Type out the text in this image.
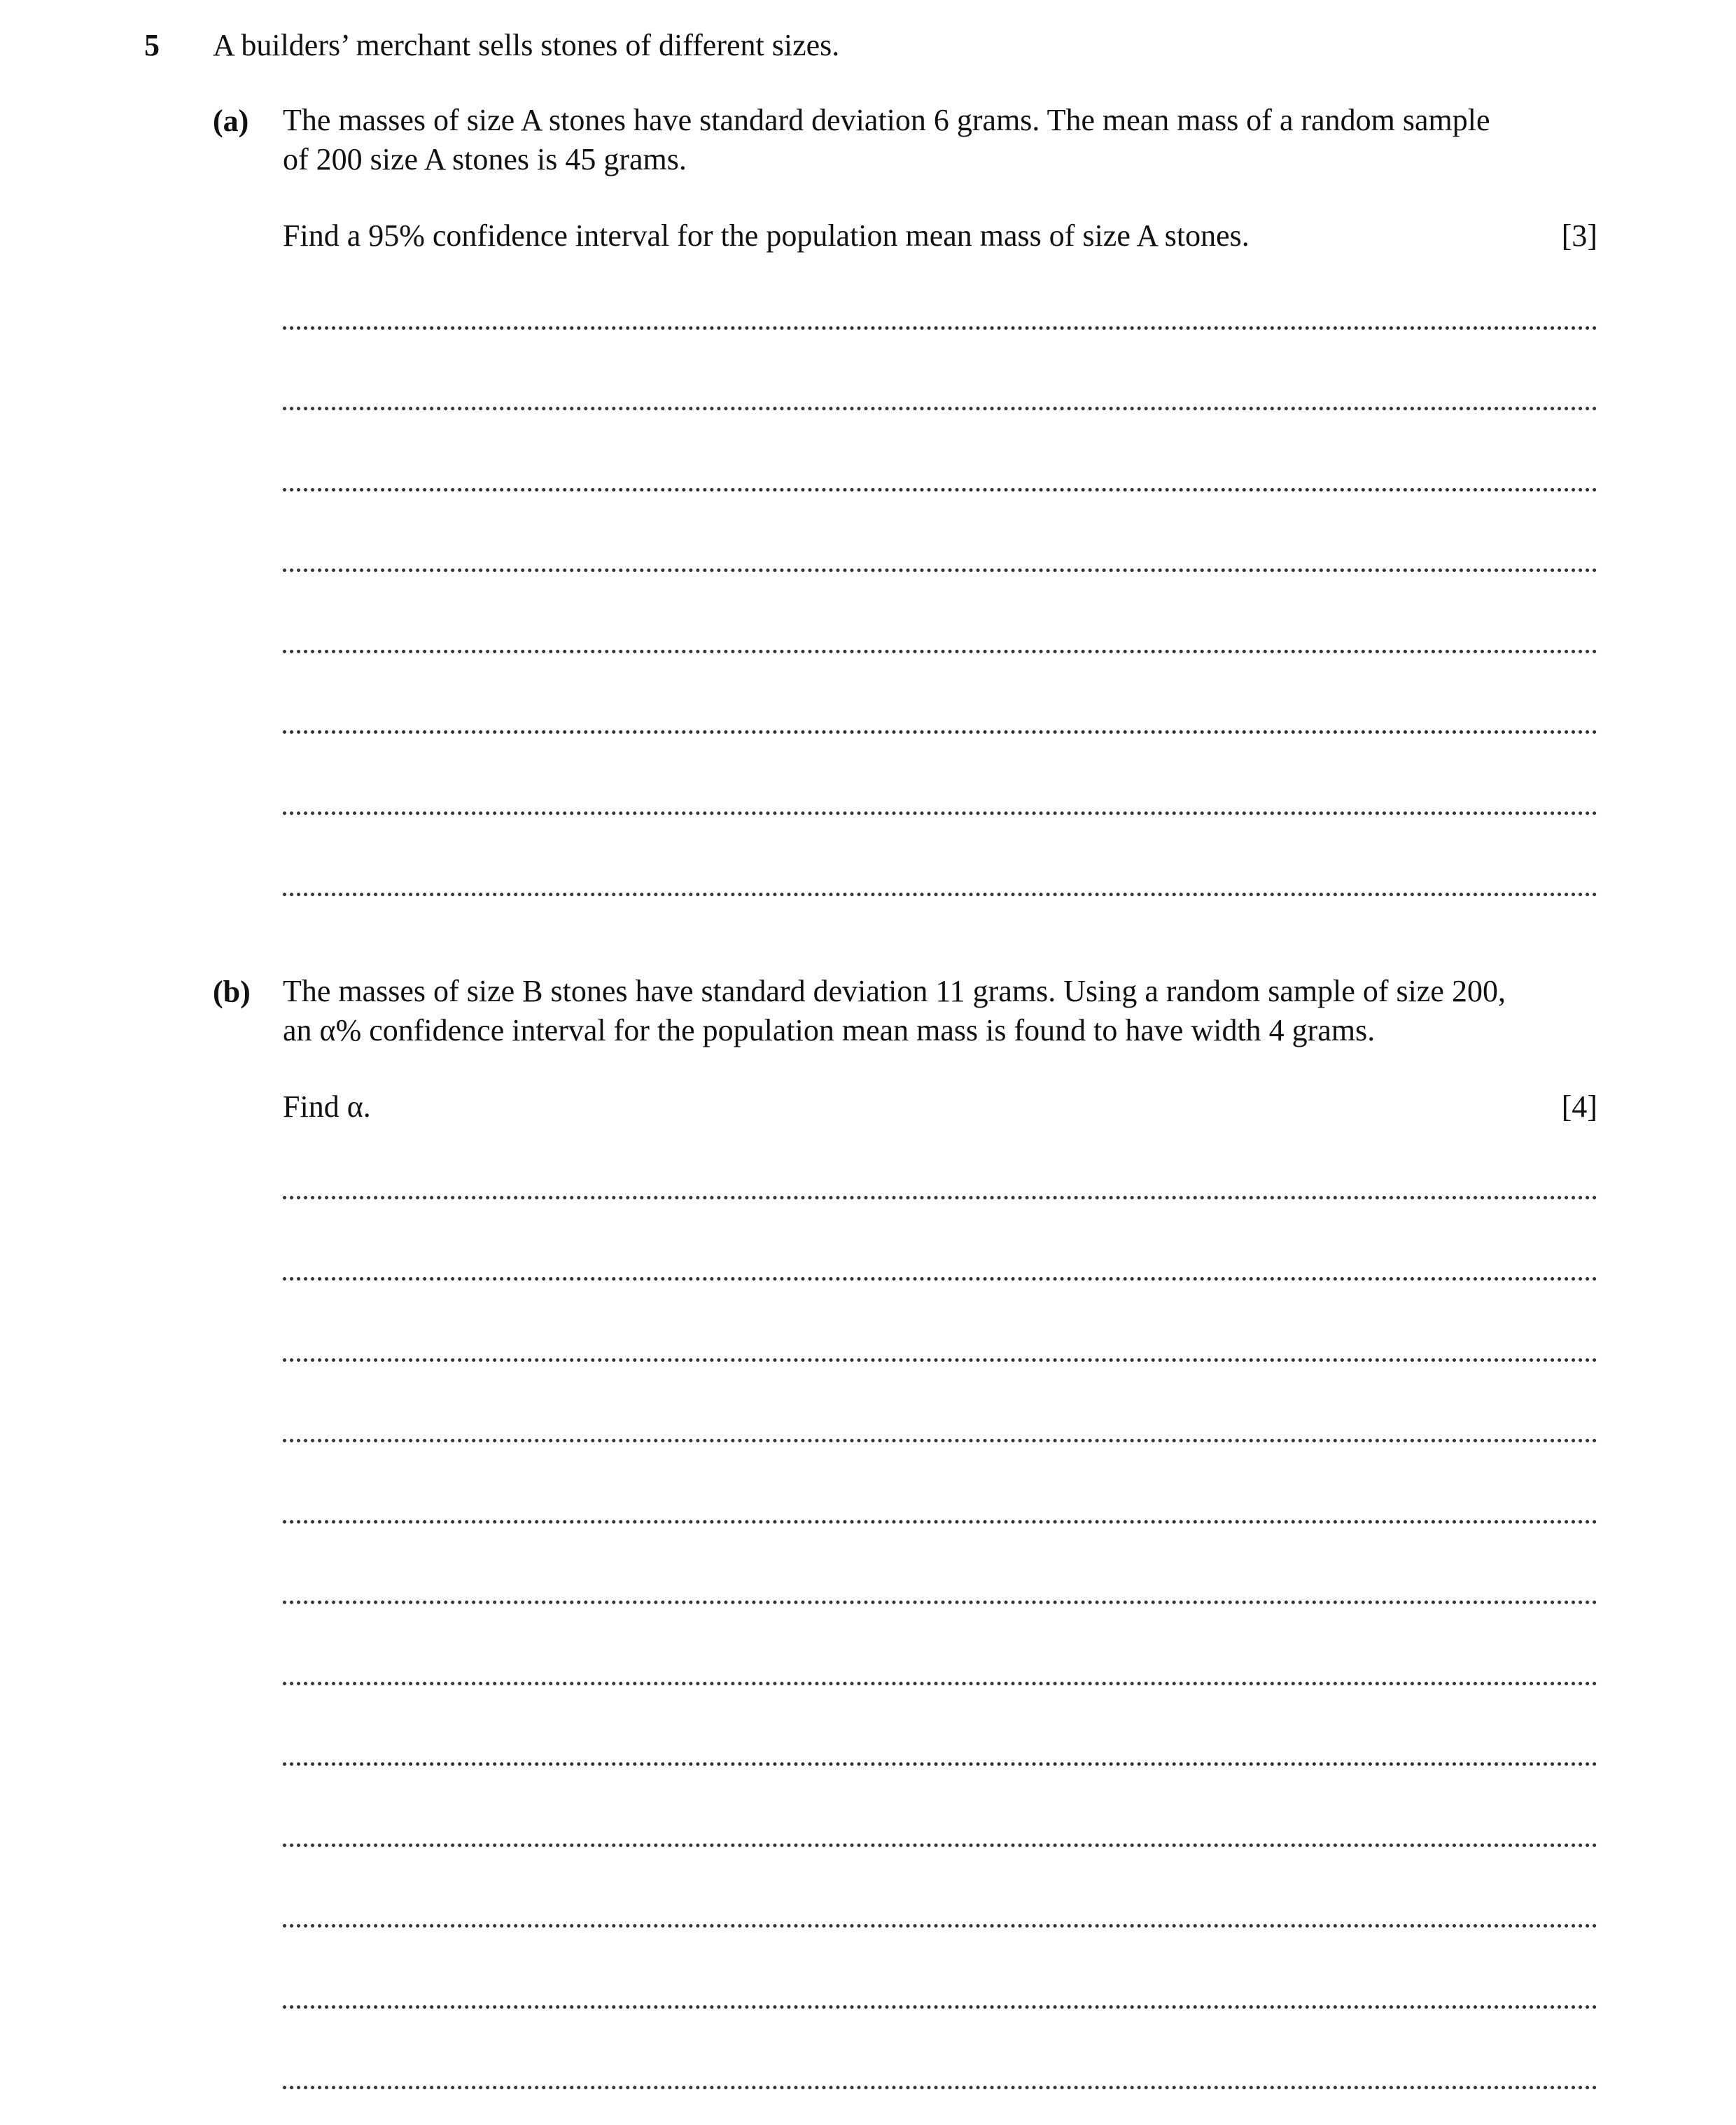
5 A builders’ merchant sells stones of different sizes.
(a) The masses of size A stones have standard deviation 6 grams. The mean mass of a random sample
of 200 size A stones is 45 grams.
Find a 95% confidence interval for the population mean mass of size A stones.	[3]
(b) The masses of size B stones have standard deviation 11 grams. Using a random sample of size 200,
an α% confidence interval for the population mean mass is found to have width 4 grams.
Find α.	[4]
